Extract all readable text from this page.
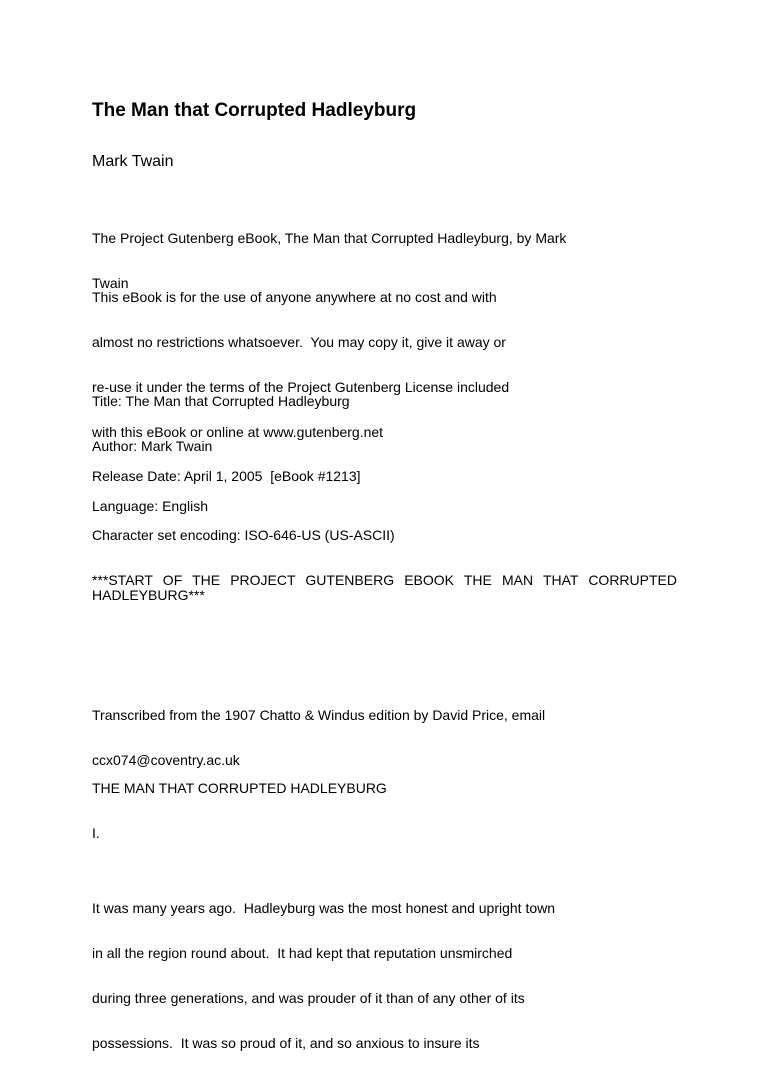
The Man that Corrupted Hadleyburg
Mark Twain

The Project Gutenberg eBook, The Man that Corrupted Hadleyburg, by Mark

Twain

This eBook is for the use of anyone anywhere at no cost and with

almost no restrictions whatsoever.  You may copy it, give it away or

re-use it under the terms of the Project Gutenberg License included

with this eBook or online at www.gutenberg.net

Title: The Man that Corrupted Hadleyburg
Author: Mark Twain
Release Date: April 1, 2005  [eBook #1213]
Language: English
Character set encoding: ISO-646-US (US-ASCII)
***START OF THE PROJECT GUTENBERG EBOOK THE MAN THAT CORRUPTED
HADLEYBURG***

Transcribed from the 1907 Chatto & Windus edition by David Price, email

ccx074@coventry.ac.uk

THE MAN THAT CORRUPTED HADLEYBURG
I.

It was many years ago.  Hadleyburg was the most honest and upright town

in all the region round about.  It had kept that reputation unsmirched

during three generations, and was prouder of it than of any other of its

possessions.  It was so proud of it, and so anxious to insure its
